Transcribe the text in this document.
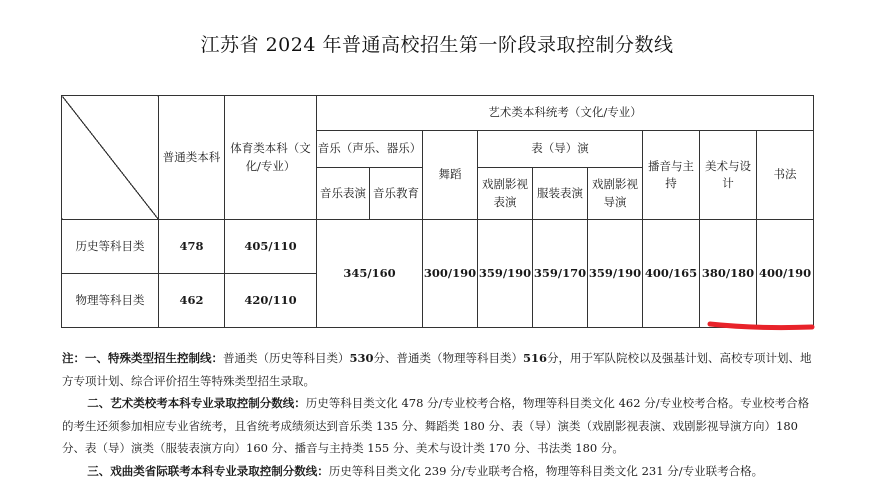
江苏省 2024 年普通高校招生第一阶段录取控制分数线
	普通类本科	体育类本科（文化/专业）	艺术类本科统考（文化/专业）								
			音乐（声乐、器乐）		舞蹈	表（导）演			播音与主持	美术与设计	书法
			音乐表演	音乐教育		戏剧影视表演	服装表演	戏剧影视导演			
历史等科目类	478	405/110	345/160		300/190	359/190	359/170	359/190	400/165	380/180	400/190
物理等科目类	462	420/110									

注：一、特殊类型招生控制线：普通类（历史等科目类）530分、普通类（物理等科目类）516分，用于军队院校以及强基计划、高校专项计划、地方专项计划、综合评价招生等特殊类型招生录取。

二、艺术类校考本科专业录取控制分数线：历史等科目类文化 478 分/专业校考合格，物理等科目类文化 462 分/专业校考合格。专业校考合格的考生还须参加相应专业省统考，且省统考成绩须达到音乐类 135 分、舞蹈类 180 分、表（导）演类（戏剧影视表演、戏剧影视导演方向）180 分、表（导）演类（服装表演方向）160 分、播音与主持类 155 分、美术与设计类 170 分、书法类 180 分。

三、戏曲类省际联考本科专业录取控制分数线：历史等科目类文化 239 分/专业联考合格，物理等科目类文化 231 分/专业联考合格。
